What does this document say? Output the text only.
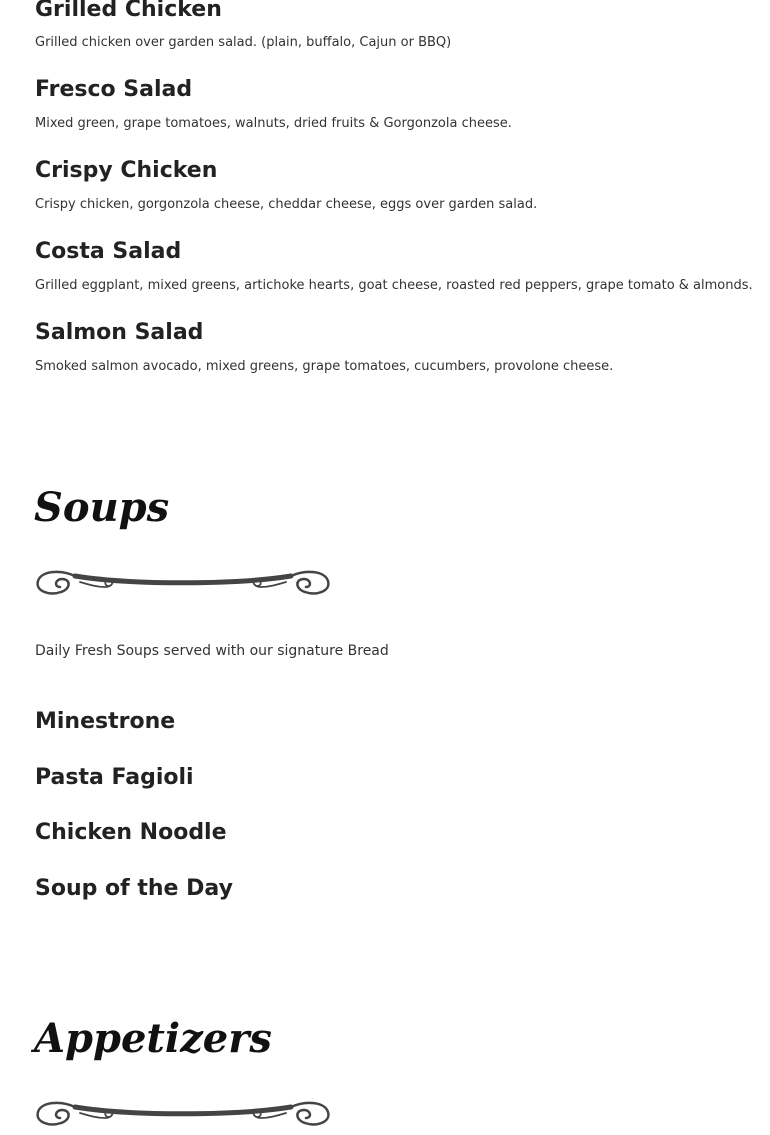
Grilled Chicken

Grilled chicken over garden salad. (plain, buffalo, Cajun or BBQ)

Fresco Salad

Mixed green, grape tomatoes, walnuts, dried fruits & Gorgonzola cheese.

Crispy Chicken

Crispy chicken, gorgonzola cheese, cheddar cheese, eggs over garden salad.

Costa Salad

Grilled eggplant, mixed greens, artichoke hearts, goat cheese, roasted red peppers, grape tomato & almonds.

Salmon Salad

Smoked salmon avocado, mixed greens, grape tomatoes, cucumbers, provolone cheese.

Soups

Daily Fresh Soups served with our signature Bread

Minestrone
Pasta Fagioli
Chicken Noodle
Soup of the Day
Appetizers
